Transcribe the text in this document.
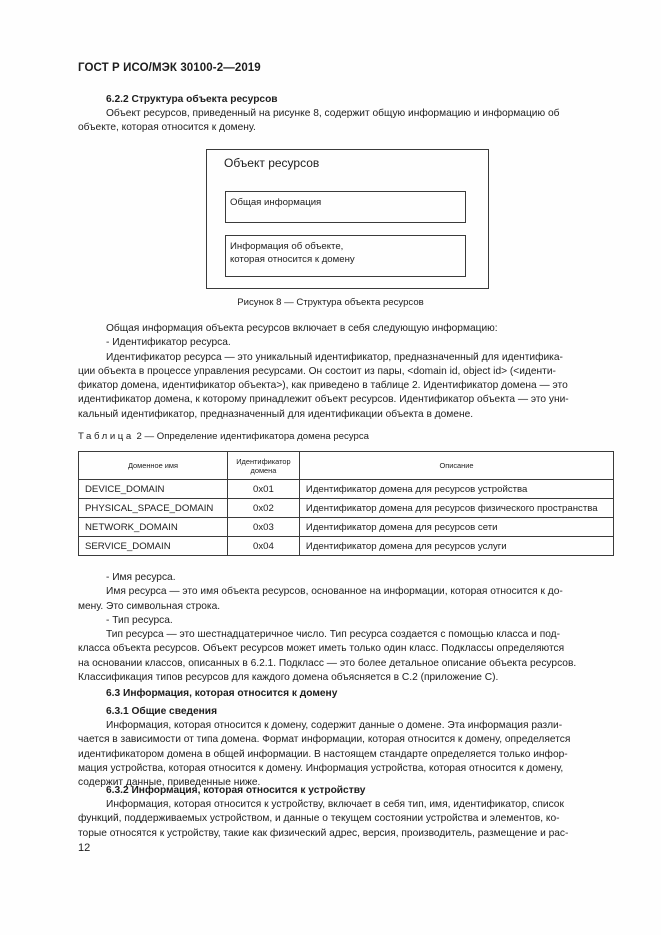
ГОСТ Р ИСО/МЭК 30100-2—2019
6.2.2 Структура объекта ресурсов
Объект ресурсов, приведенный на рисунке 8, содержит общую информацию и информацию об
объекте, которая относится к домену.
Объект ресурсов
Общая информация
Информация об объекте,
которая относится к домену
Рисунок 8 — Структура объекта ресурсов
Общая информация объекта ресурсов включает в себя следующую информацию:
- Идентификатор ресурса.
Идентификатор ресурса — это уникальный идентификатор, предназначенный для идентифика-
ции объекта в процессе управления ресурсами. Он состоит из пары, <domain id, object id> (<иденти-
фикатор домена, идентификатор объекта>), как приведено в таблице 2. Идентификатор домена — это
идентификатор домена, к которому принадлежит объект ресурсов. Идентификатор объекта — это уни-
кальный идентификатор, предназначенный для идентификации объекта в домене.
Таблица 2 — Определение идентификатора домена ресурса
Доменное имя	Идентификатор домена	Описание
DEVICE_DOMAIN	0x01	Идентификатор домена для ресурсов устройства
PHYSICAL_SPACE_DOMAIN	0x02	Идентификатор домена для ресурсов физического пространства
NETWORK_DOMAIN	0x03	Идентификатор домена для ресурсов сети
SERVICE_DOMAIN	0x04	Идентификатор домена для ресурсов услуги
- Имя ресурса.
Имя ресурса — это имя объекта ресурсов, основанное на информации, которая относится к до-
мену. Это символьная строка.
- Тип ресурса.
Тип ресурса — это шестнадцатеричное число. Тип ресурса создается с помощью класса и под-
класса объекта ресурсов. Объект ресурсов может иметь только один класс. Подклассы определяются
на основании классов, описанных в 6.2.1. Подкласс — это более детальное описание объекта ресурсов.
Классификация типов ресурсов для каждого домена объясняется в С.2 (приложение С).
6.3 Информация, которая относится к домену
6.3.1 Общие сведения
Информация, которая относится к домену, содержит данные о домене. Эта информация разли-
чается в зависимости от типа домена. Формат информации, которая относится к домену, определяется
идентификатором домена в общей информации. В настоящем стандарте определяется только инфор-
мация устройства, которая относится к домену. Информация устройства, которая относится к домену,
содержит данные, приведенные ниже.
6.3.2 Информация, которая относится к устройству
Информация, которая относится к устройству, включает в себя тип, имя, идентификатор, список
функций, поддерживаемых устройством, и данные о текущем состоянии устройства и элементов, ко-
торые относятся к устройству, такие как физический адрес, версия, производитель, размещение и рас-
12
